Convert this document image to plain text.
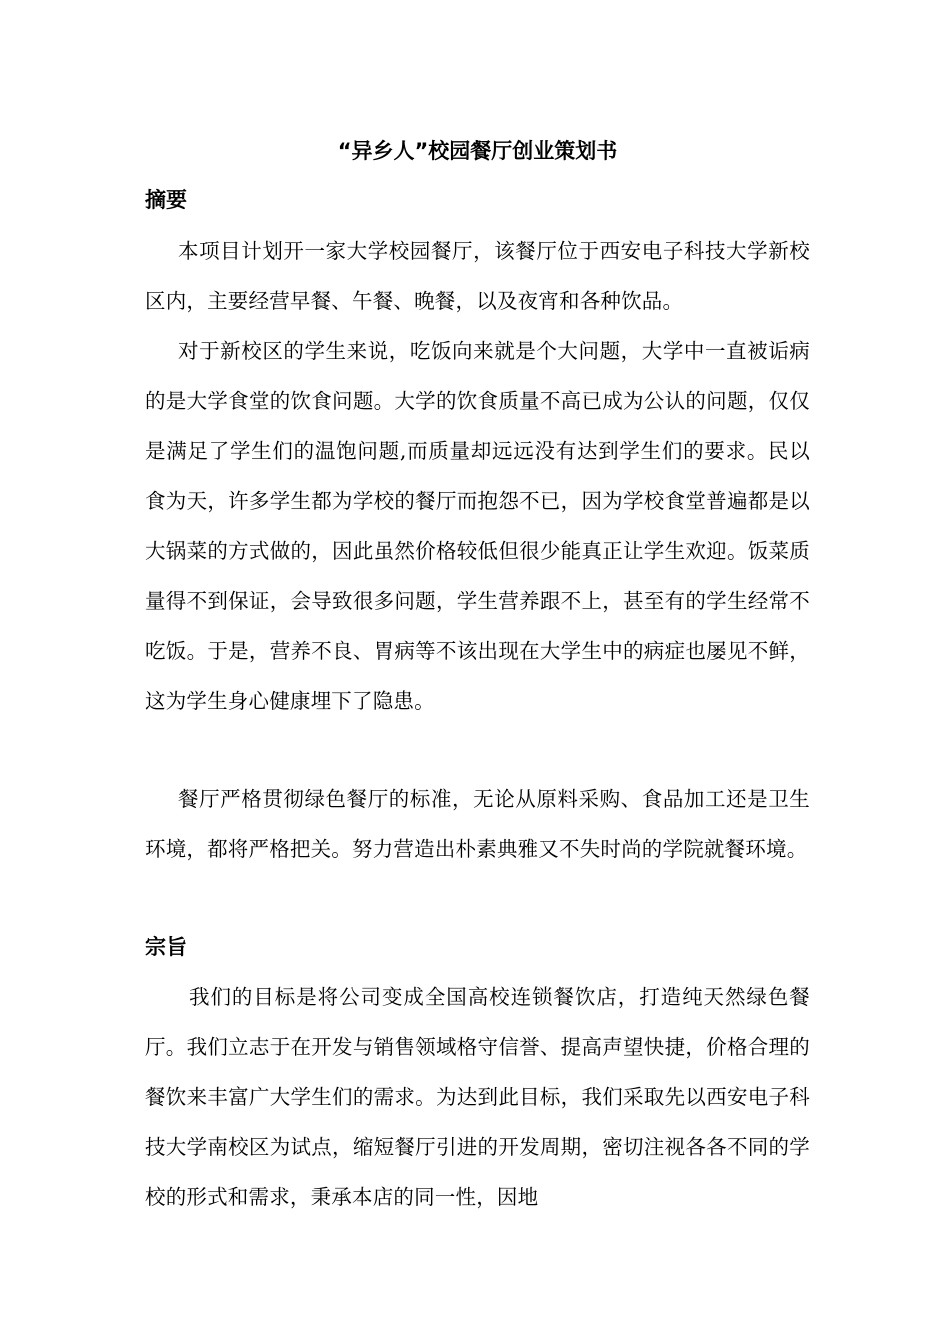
“异乡人”校园餐厅创业策划书
摘要

本项目计划开一家大学校园餐厅，该餐厅位于西安电子科技大学新校区内，主要经营早餐、午餐、晚餐，以及夜宵和各种饮品。

对于新校区的学生来说，吃饭向来就是个大问题，大学中一直被诟病的是大学食堂的饮食问题。大学的饮食质量不高已成为公认的问题，仅仅是满足了学生们的温饱问题,而质量却远远没有达到学生们的要求。民以食为天，许多学生都为学校的餐厅而抱怨不已，因为学校食堂普遍都是以大锅菜的方式做的，因此虽然价格较低但很少能真正让学生欢迎。饭菜质量得不到保证，会导致很多问题，学生营养跟不上，甚至有的学生经常不吃饭。于是，营养不良、胃病等不该出现在大学生中的病症也屡见不鲜，这为学生身心健康埋下了隐患。

餐厅严格贯彻绿色餐厅的标准，无论从原料采购、食品加工还是卫生环境，都将严格把关。努力营造出朴素典雅又不失时尚的学院就餐环境。

宗旨

我们的目标是将公司变成全国高校连锁餐饮店，打造纯天然绿色餐厅。我们立志于在开发与销售领域格守信誉、提高声望快捷，价格合理的餐饮来丰富广大学生们的需求。为达到此目标，我们采取先以西安电子科技大学南校区为试点，缩短餐厅引进的开发周期，密切注视各各不同的学校的形式和需求，秉承本店的同一性，因地
